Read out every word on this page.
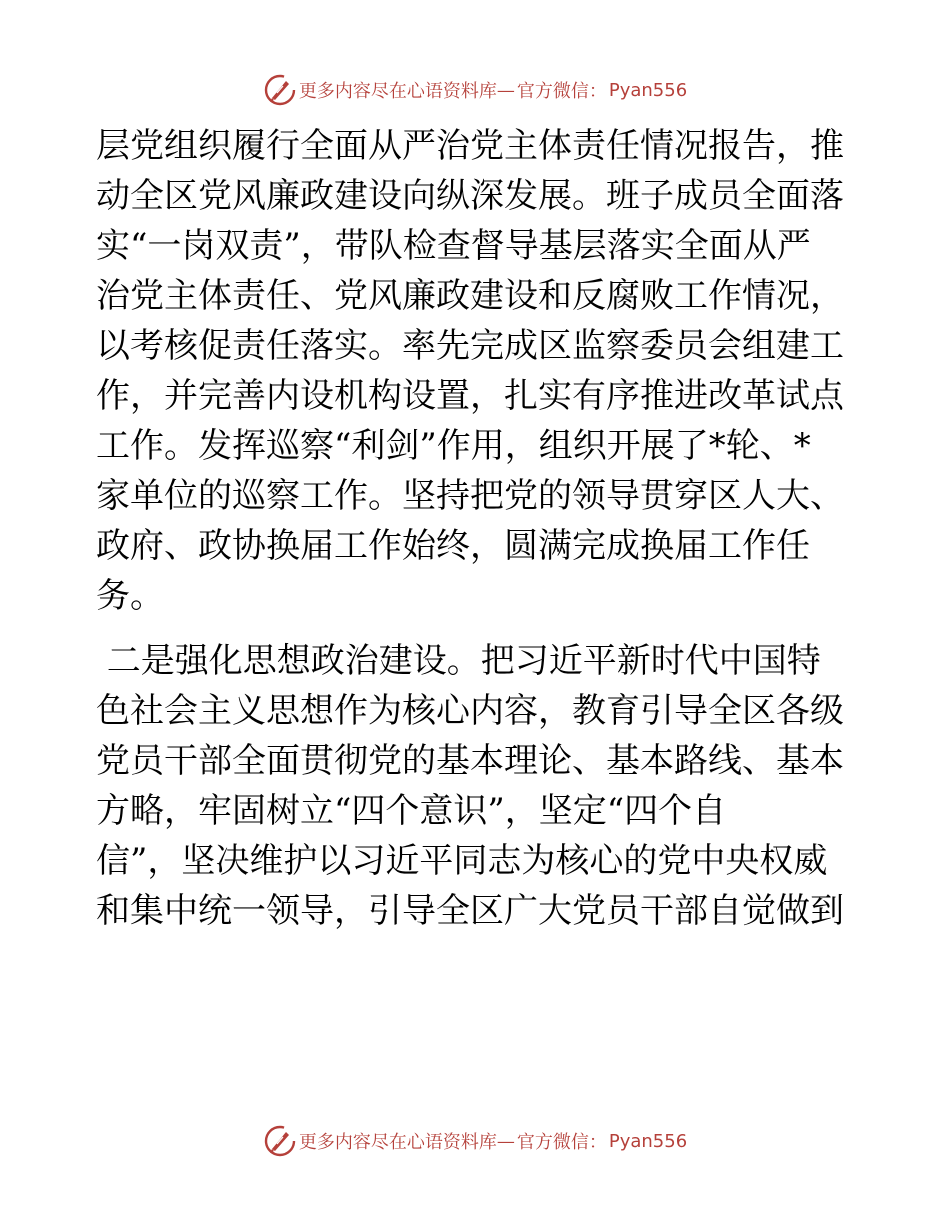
更多内容尽在心语资料库 — 官方微信： Pyan556
层党组织履行全面从严治党主体责任情况报告，推
动全区党风廉政建设向纵深发展。班子成员全面落
实“一岗双责”，带队检查督导基层落实全面从严
治党主体责任、党风廉政建设和反腐败工作情况，
以考核促责任落实。率先完成区监察委员会组建工
作，并完善内设机构设置，扎实有序推进改革试点
工作。发挥巡察“利剑”作用，组织开展了*轮、*
家单位的巡察工作。坚持把党的领导贯穿区人大、
政府、政协换届工作始终，圆满完成换届工作任
务。
二是强化思想政治建设。把习近平新时代中国特
色社会主义思想作为核心内容，教育引导全区各级
党员干部全面贯彻党的基本理论、基本路线、基本
方略，牢固树立“四个意识”，坚定“四个自
信”，坚决维护以习近平同志为核心的党中央权威
和集中统一领导，引导全区广大党员干部自觉做到
更多内容尽在心语资料库 — 官方微信： Pyan556
